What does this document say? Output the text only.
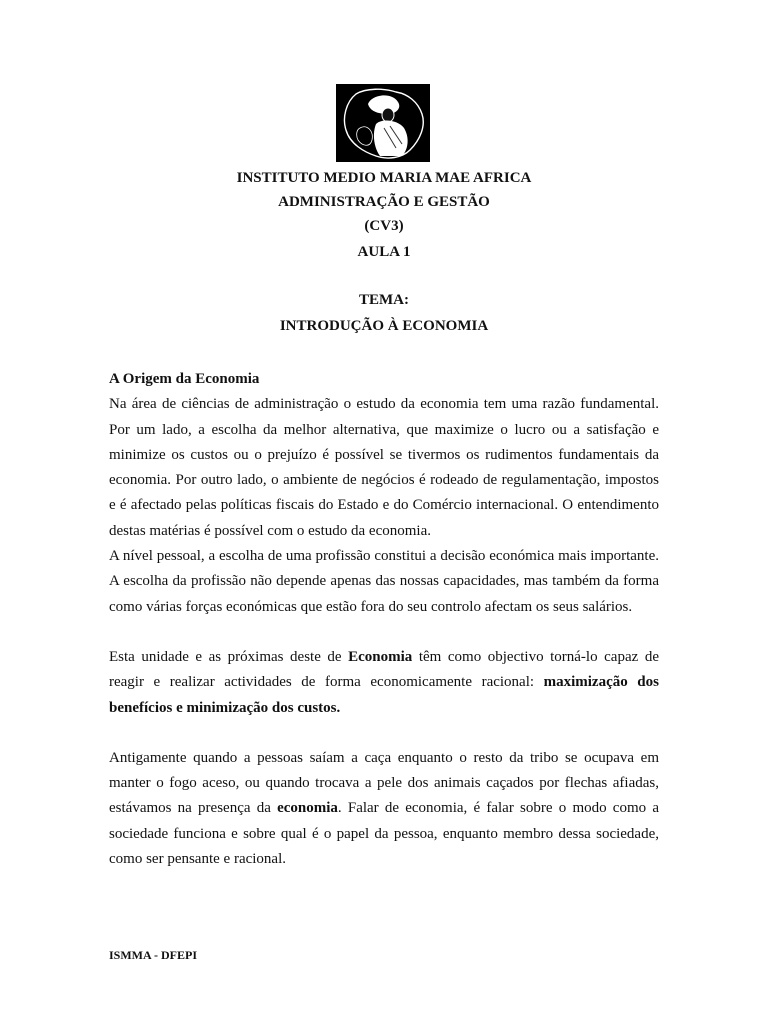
INSTITUTO MEDIO MARIA MAE AFRICA
ADMINISTRAÇÃO E GESTÃO
(CV3)
AULA 1
TEMA:
INTRODUÇÃO À ECONOMIA

A Origem da Economia

Na área de ciências de administração o estudo da economia tem uma razão fundamental. Por um lado, a escolha da melhor alternativa, que maximize o lucro ou a satisfação e minimize os custos ou o prejuízo é possível se tivermos os rudimentos fundamentais da economia. Por outro lado, o ambiente de negócios é rodeado de regulamentação, impostos e é afectado pelas políticas fiscais do Estado e do Comércio internacional. O entendimento destas matérias é possível com o estudo da economia.

A nível pessoal, a escolha de uma profissão constitui a decisão económica mais importante. A escolha da profissão não depende apenas das nossas capacidades, mas também da forma como várias forças económicas que estão fora do seu controlo afectam os seus salários.

Esta unidade e as próximas deste de Economia têm como objectivo torná-lo capaz de reagir e realizar actividades de forma economicamente racional: maximização dos benefícios e minimização dos custos.

Antigamente quando a pessoas saíam a caça enquanto o resto da tribo se ocupava em manter o fogo aceso, ou quando trocava a pele dos animais caçados por flechas afiadas, estávamos na presença da economia. Falar de economia, é falar sobre o modo como a sociedade funciona e sobre qual é o papel da pessoa, enquanto membro dessa sociedade, como ser pensante e racional.

ISMMA - DFEPI
